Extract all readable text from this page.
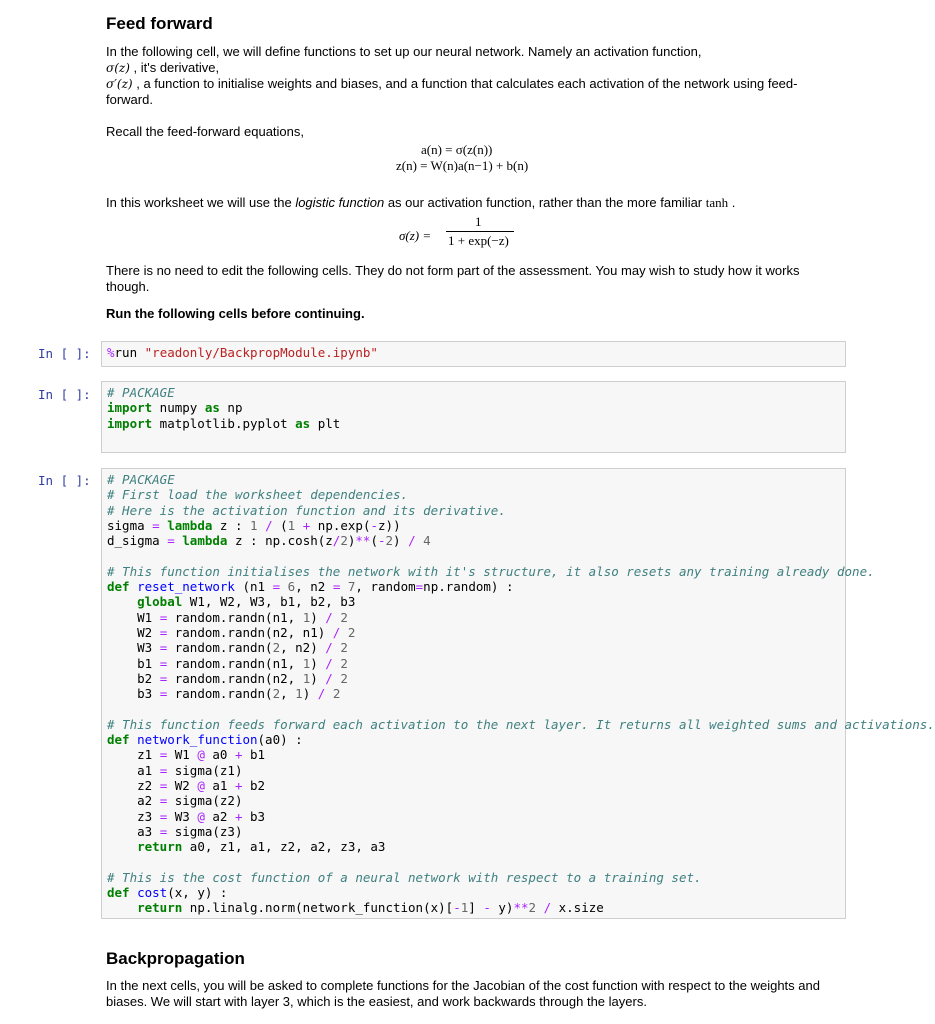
Feed forward
In the following cell, we will define functions to set up our neural network. Namely an activation function,
σ(z) , it's derivative,
σ′(z) , a function to initialise weights and biases, and a function that calculates each activation of the network using feed-forward.
Recall the feed-forward equations,
a(n) = σ(z(n))
z(n) = W(n)a(n−1) + b(n)
In this worksheet we will use the logistic function as our activation function, rather than the more familiar tanh .
σ(z) =
1
1 + exp(−z)
There is no need to edit the following cells. They do not form part of the assessment. You may wish to study how it works though.
Run the following cells before continuing.
In [ ]:	%run "readonly/BackpropModule.ipynb"
In [ ]:	# PACKAGE
import numpy as np
import matplotlib.pyplot as plt
In [ ]:	# PACKAGE
# First load the worksheet dependencies.
# Here is the activation function and its derivative.
sigma = lambda z : 1 / (1 + np.exp(-z))
d_sigma = lambda z : np.cosh(z/2)**(-2) / 4

# This function initialises the network with it's structure, it also resets any training already done.
def reset_network (n1 = 6, n2 = 7, random=np.random) :
global W1, W2, W3, b1, b2, b3
W1 = random.randn(n1, 1) / 2
W2 = random.randn(n2, n1) / 2
W3 = random.randn(2, n2) / 2
b1 = random.randn(n1, 1) / 2
b2 = random.randn(n2, 1) / 2
b3 = random.randn(2, 1) / 2

# This function feeds forward each activation to the next layer. It returns all weighted sums and activations.
def network_function(a0) :
z1 = W1 @ a0 + b1
a1 = sigma(z1)
z2 = W2 @ a1 + b2
a2 = sigma(z2)
z3 = W3 @ a2 + b3
a3 = sigma(z3)
return a0, z1, a1, z2, a2, z3, a3

# This is the cost function of a neural network with respect to a training set.
def cost(x, y) :
return np.linalg.norm(network_function(x)[-1] - y)**2 / x.size
Backpropagation
In the next cells, you will be asked to complete functions for the Jacobian of the cost function with respect to the weights and biases. We will start with layer 3, which is the easiest, and work backwards through the layers.
